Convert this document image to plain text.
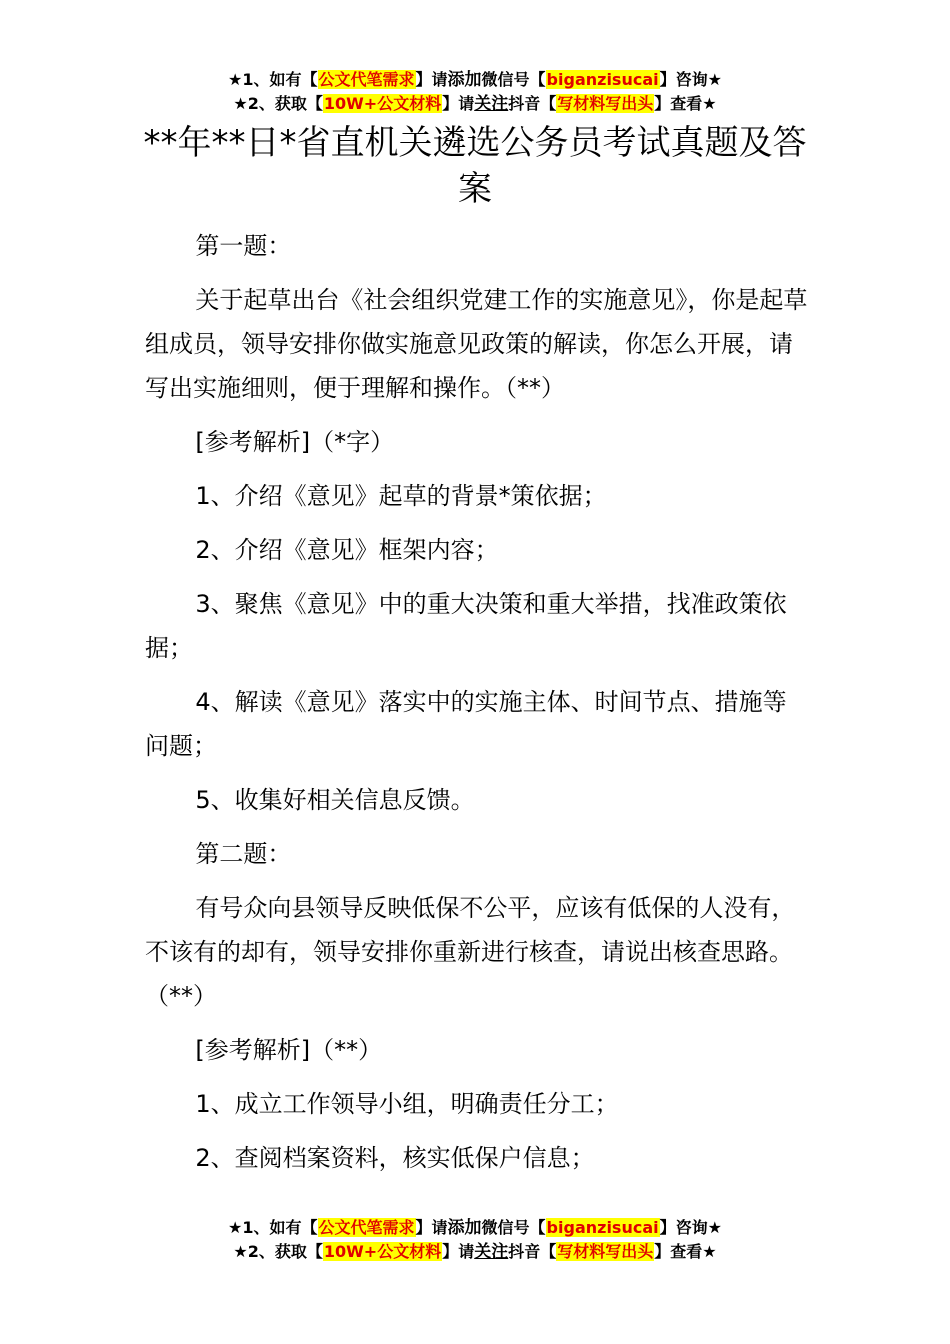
★1、如有【公文代笔需求】请添加微信号【biganzisucai】咨询★
★2、获取【10W+公文材料】请关注抖音【写材料写出头】查看★
**年**日*省直机关遴选公务员考试真题及答案

第一题：

关于起草出台《社会组织党建工作的实施意见》，你是起草组成员，领导安排你做实施意见政策的解读，你怎么开展，请写出实施细则，便于理解和操作。（**）

[参考解析]（*字）

1、介绍《意见》起草的背景*策依据；

2、介绍《意见》框架内容；

3、聚焦《意见》中的重大决策和重大举措，找准政策依据；

4、解读《意见》落实中的实施主体、时间节点、措施等问题；

5、收集好相关信息反馈。

第二题：

有号众向县领导反映低保不公平，应该有低保的人没有，不该有的却有，领导安排你重新进行核查，请说出核查思路。（**）

[参考解析]（**）

1、成立工作领导小组，明确责任分工；

2、查阅档案资料，核实低保户信息；

★1、如有【公文代笔需求】请添加微信号【biganzisucai】咨询★
★2、获取【10W+公文材料】请关注抖音【写材料写出头】查看★
